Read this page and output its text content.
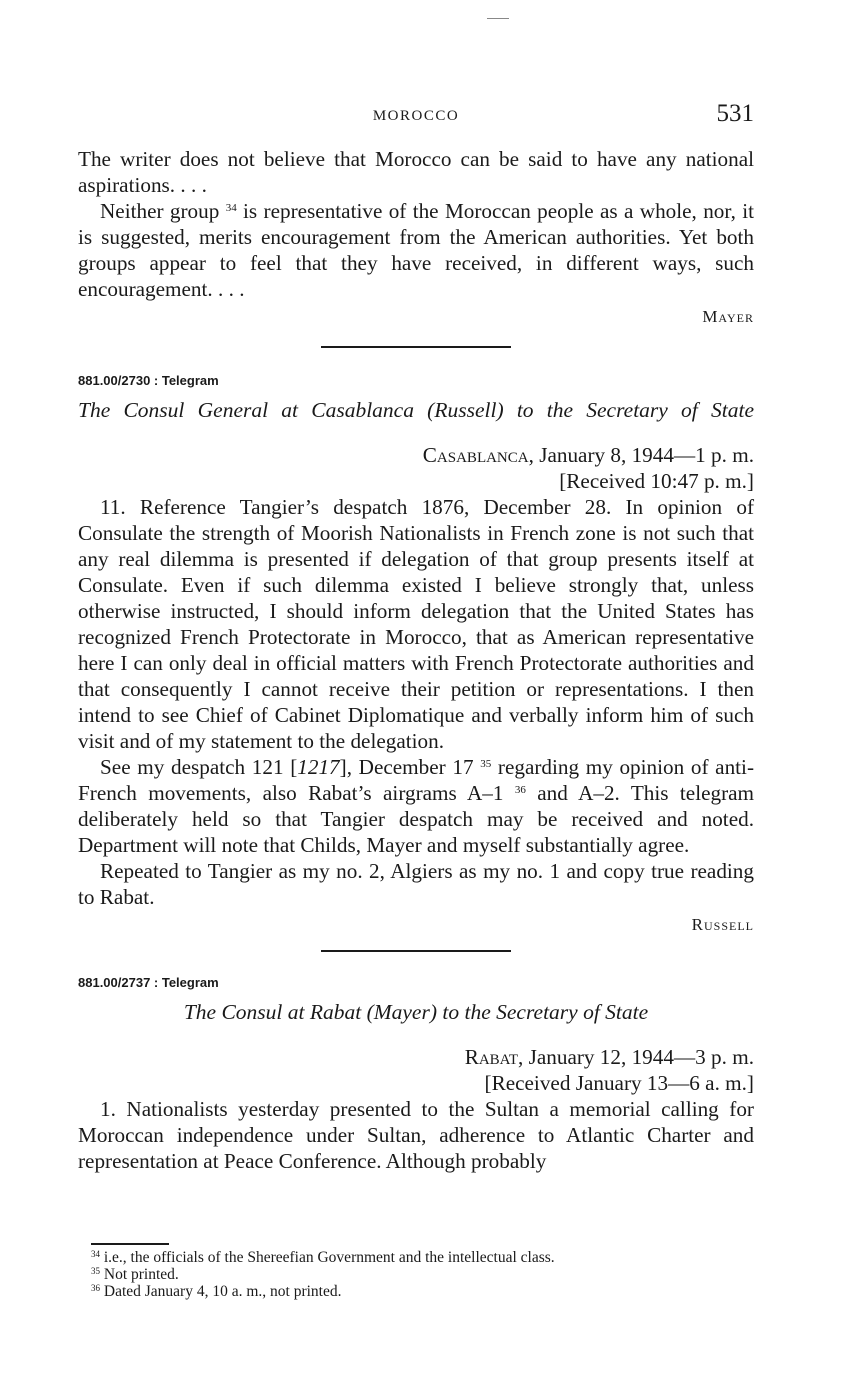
MOROCCO	531

The writer does not believe that Morocco can be said to have any national aspirations. . . .

Neither group $^{34}$ is representative of the Moroccan people as a whole, nor, it is suggested, merits encouragement from the American authorities. Yet both groups appear to feel that they have received, in different ways, such encouragement. . . .

Mayer
881.00/2730 : Telegram
The Consul General at Casablanca (Russell) to the Secretary of State
Casablanca, January 8, 1944—1 p. m.
[Received 10:47 p. m.]

11. Reference Tangier’s despatch 1876, December 28. In opinion of Consulate the strength of Moorish Nationalists in French zone is not such that any real dilemma is presented if delegation of that group presents itself at Consulate. Even if such dilemma existed I believe strongly that, unless otherwise instructed, I should inform delegation that the United States has recognized French Protectorate in Morocco, that as American representative here I can only deal in official matters with French Protectorate authorities and that consequently I cannot receive their petition or representations. I then intend to see Chief of Cabinet Diplomatique and verbally inform him of such visit and of my statement to the delegation.

See my despatch 121 [1217], December 17 $^{35}$ regarding my opinion of anti-French movements, also Rabat’s airgrams A–1 $^{36}$ and A–2. This telegram deliberately held so that Tangier despatch may be received and noted. Department will note that Childs, Mayer and myself substantially agree.

Repeated to Tangier as my no. 2, Algiers as my no. 1 and copy true reading to Rabat.

Russell
881.00/2737 : Telegram
The Consul at Rabat (Mayer) to the Secretary of State
Rabat, January 12, 1944—3 p. m.
[Received January 13—6 a. m.]

1. Nationalists yesterday presented to the Sultan a memorial calling for Moroccan independence under Sultan, adherence to Atlantic Charter and representation at Peace Conference. Although probably

$^{34}$ i.e., the officials of the Shereefian Government and the intellectual class.
$^{35}$ Not printed.
$^{36}$ Dated January 4, 10 a. m., not printed.
